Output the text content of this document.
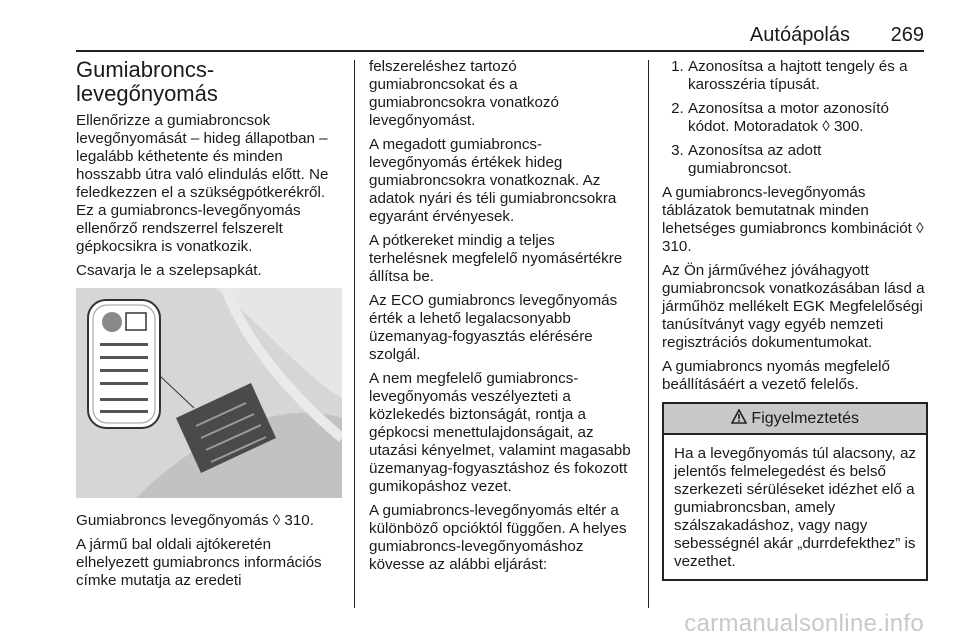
Autóápolás 269
Gumiabroncs-
levegőnyomás

Ellenőrizze a gumiabroncsok levegőnyomását – hideg állapotban – legalább kéthetente és minden hosszabb útra való elindulás előtt. Ne feledkezzen el a szükségpótkerékről. Ez a gumiabroncs-levegőnyomás ellenőrző rendszerrel felszerelt gépkocsikra is vonatkozik.

Csavarja le a szelepsapkát.

Gumiabroncs levegőnyomás ◊ 310.

A jármű bal oldali ajtókeretén elhelyezett gumiabroncs információs címke mutatja az eredeti

felszereléshez tartozó gumiabroncsokat és a gumiabroncsokra vonatkozó levegőnyomást.

A megadott gumiabroncs-levegőnyomás értékek hideg gumiabroncsokra vonatkoznak. Az adatok nyári és téli gumiabroncsokra egyaránt érvényesek.

A pótkereket mindig a teljes terhelésnek megfelelő nyomásértékre állítsa be.

Az ECO gumiabroncs levegőnyomás érték a lehető legalacsonyabb üzemanyag-fogyasztás elérésére szolgál.

A nem megfelelő gumiabroncs-levegőnyomás veszélyezteti a közlekedés biztonságát, rontja a gépkocsi menettulajdonságait, az utazási kényelmet, valamint magasabb üzemanyag-fogyasztáshoz és fokozott gumikopáshoz vezet.

A gumiabroncs-levegőnyomás eltér a különböző opcióktól függően. A helyes gumiabroncs-levegőnyomáshoz kövesse az alábbi eljárást:

1. Azonosítsa a hajtott tengely és a karosszéria típusát.
2. Azonosítsa a motor azonosító kódot. Motoradatok ◊ 300.
3. Azonosítsa az adott gumiabroncsot.

A gumiabroncs-levegőnyomás táblázatok bemutatnak minden lehetséges gumiabroncs kombinációt ◊ 310.

Az Ön járművéhez jóváhagyott gumiabroncsok vonatkozásában lásd a járműhöz mellékelt EGK Megfelelőségi tanúsítványt vagy egyéb nemzeti regisztrációs dokumentumokat.

A gumiabroncs nyomás megfelelő beállításáért a vezető felelős.

Figyelmeztetés
Ha a levegőnyomás túl alacsony, az jelentős felmelegedést és belső szerkezeti sérüléseket idézhet elő a gumiabroncsban, amely szálszakadáshoz, vagy nagy sebességnél akár „durrdefekthez” is vezethet.
carmanualsonline.info
